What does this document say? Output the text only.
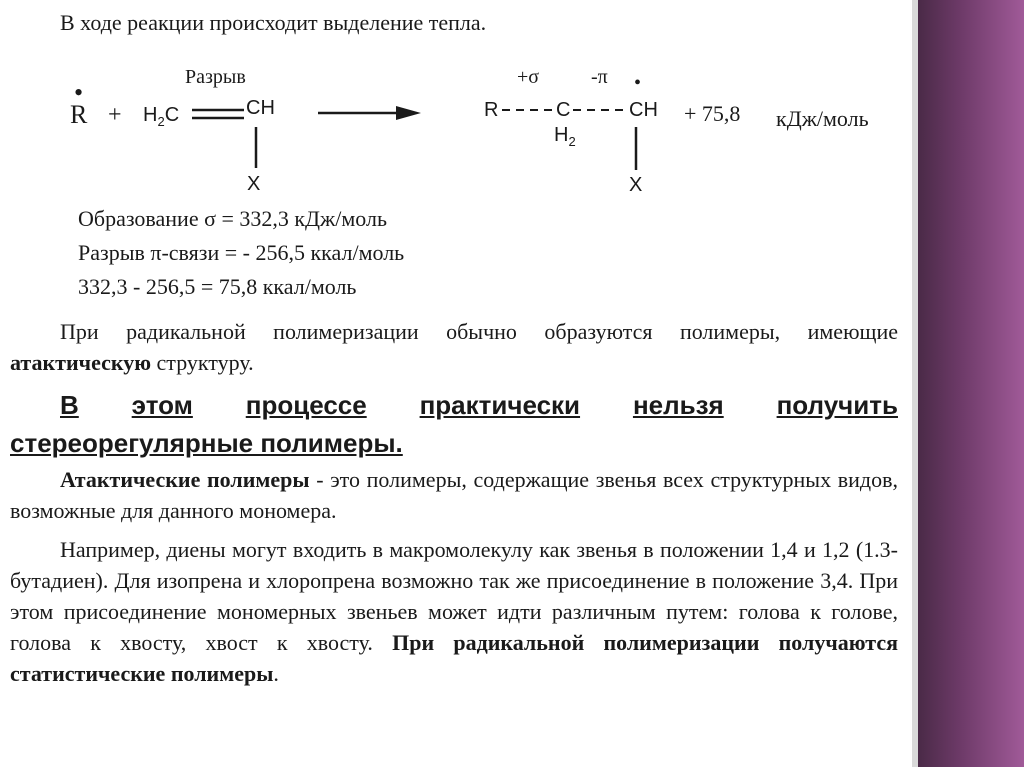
В ходе реакции происходит выделение тепла.
•
$R + H_2C$
Разрыв
CH
X
R	C
$H_2$
CH
X
•
+σ	-π
+ 75,8 кДж/моль
Образование σ = 332,3 кДж/моль
Разрыв π-связи = - 256,5 ккал/моль
332,3 - 256,5 = 75,8 ккал/моль
При радикальной полимеризации обычно образуются полимеры, имеющие атактическую структуру.
В этом процессе практически нельзя получить
стереорегулярные полимеры.
Атактические полимеры - это полимеры, содержащие звенья всех структурных видов, возможные для данного мономера.
Например, диены могут входить в макромолекулу как звенья в положении 1,4 и 1,2 (1.3-бутадиен). Для изопрена и хлоропрена возможно так же присоединение в положение 3,4. При этом присоединение мономерных звеньев может идти различным путем: голова к голове, голова к хвосту, хвост к хвосту. При радикальной полимеризации получаются статистические полимеры.
